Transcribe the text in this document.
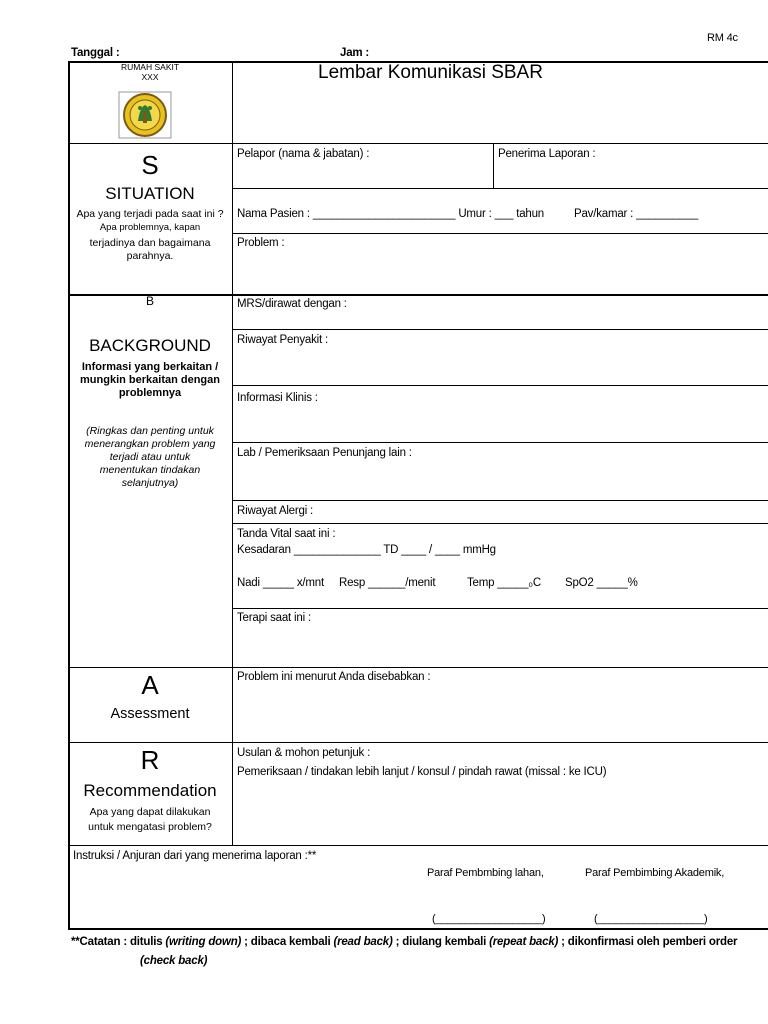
RM 4c
Tanggal :	Jam :
RUMAH SAKIT
XXX	Lembar Komunikasi SBAR
S
SITUATION
Apa yang terjadi pada saat ini ?
Apa problemnya, kapan
terjadinya dan bagaimana
parahnya.
Pelapor (nama & jabatan) :	Penerima Laporan :
Nama Pasien : _______________________ Umur : ___ tahun	Pav/kamar : __________
Problem :
B
BACKGROUND
Informasi yang berkaitan /
mungkin berkaitan dengan
problemnya
(Ringkas dan penting untuk
menerangkan problem yang
terjadi atau untuk
menentukan tindakan
selanjutnya)
MRS/dirawat dengan :
Riwayat Penyakit :
Informasi Klinis :
Lab / Pemeriksaan Penunjang lain :
Riwayat Alergi :
Tanda Vital saat ini :
Kesadaran ______________ TD ____ / ____ mmHg
Nadi _____ x/mnt Resp ______/menit	Temp _____₀C SpO2 _____%
Terapi saat ini :
A
Assessment
Problem ini menurut Anda disebabkan :
R
Recommendation
Apa yang dapat dilakukan
untuk mengatasi problem?
Usulan & mohon petunjuk :
Pemeriksaan / tindakan lebih lanjut / konsul / pindah rawat (missal : ke ICU)
Instruksi / Anjuran dari yang menerima laporan :**
Paraf Pembmbing lahan,	Paraf Pembimbing Akademik,
(__________________)	(__________________)
**Catatan : ditulis (writing down) ; dibaca kembali (read back) ; diulang kembali (repeat back) ; dikonfirmasi oleh pemberi order
(check back)
